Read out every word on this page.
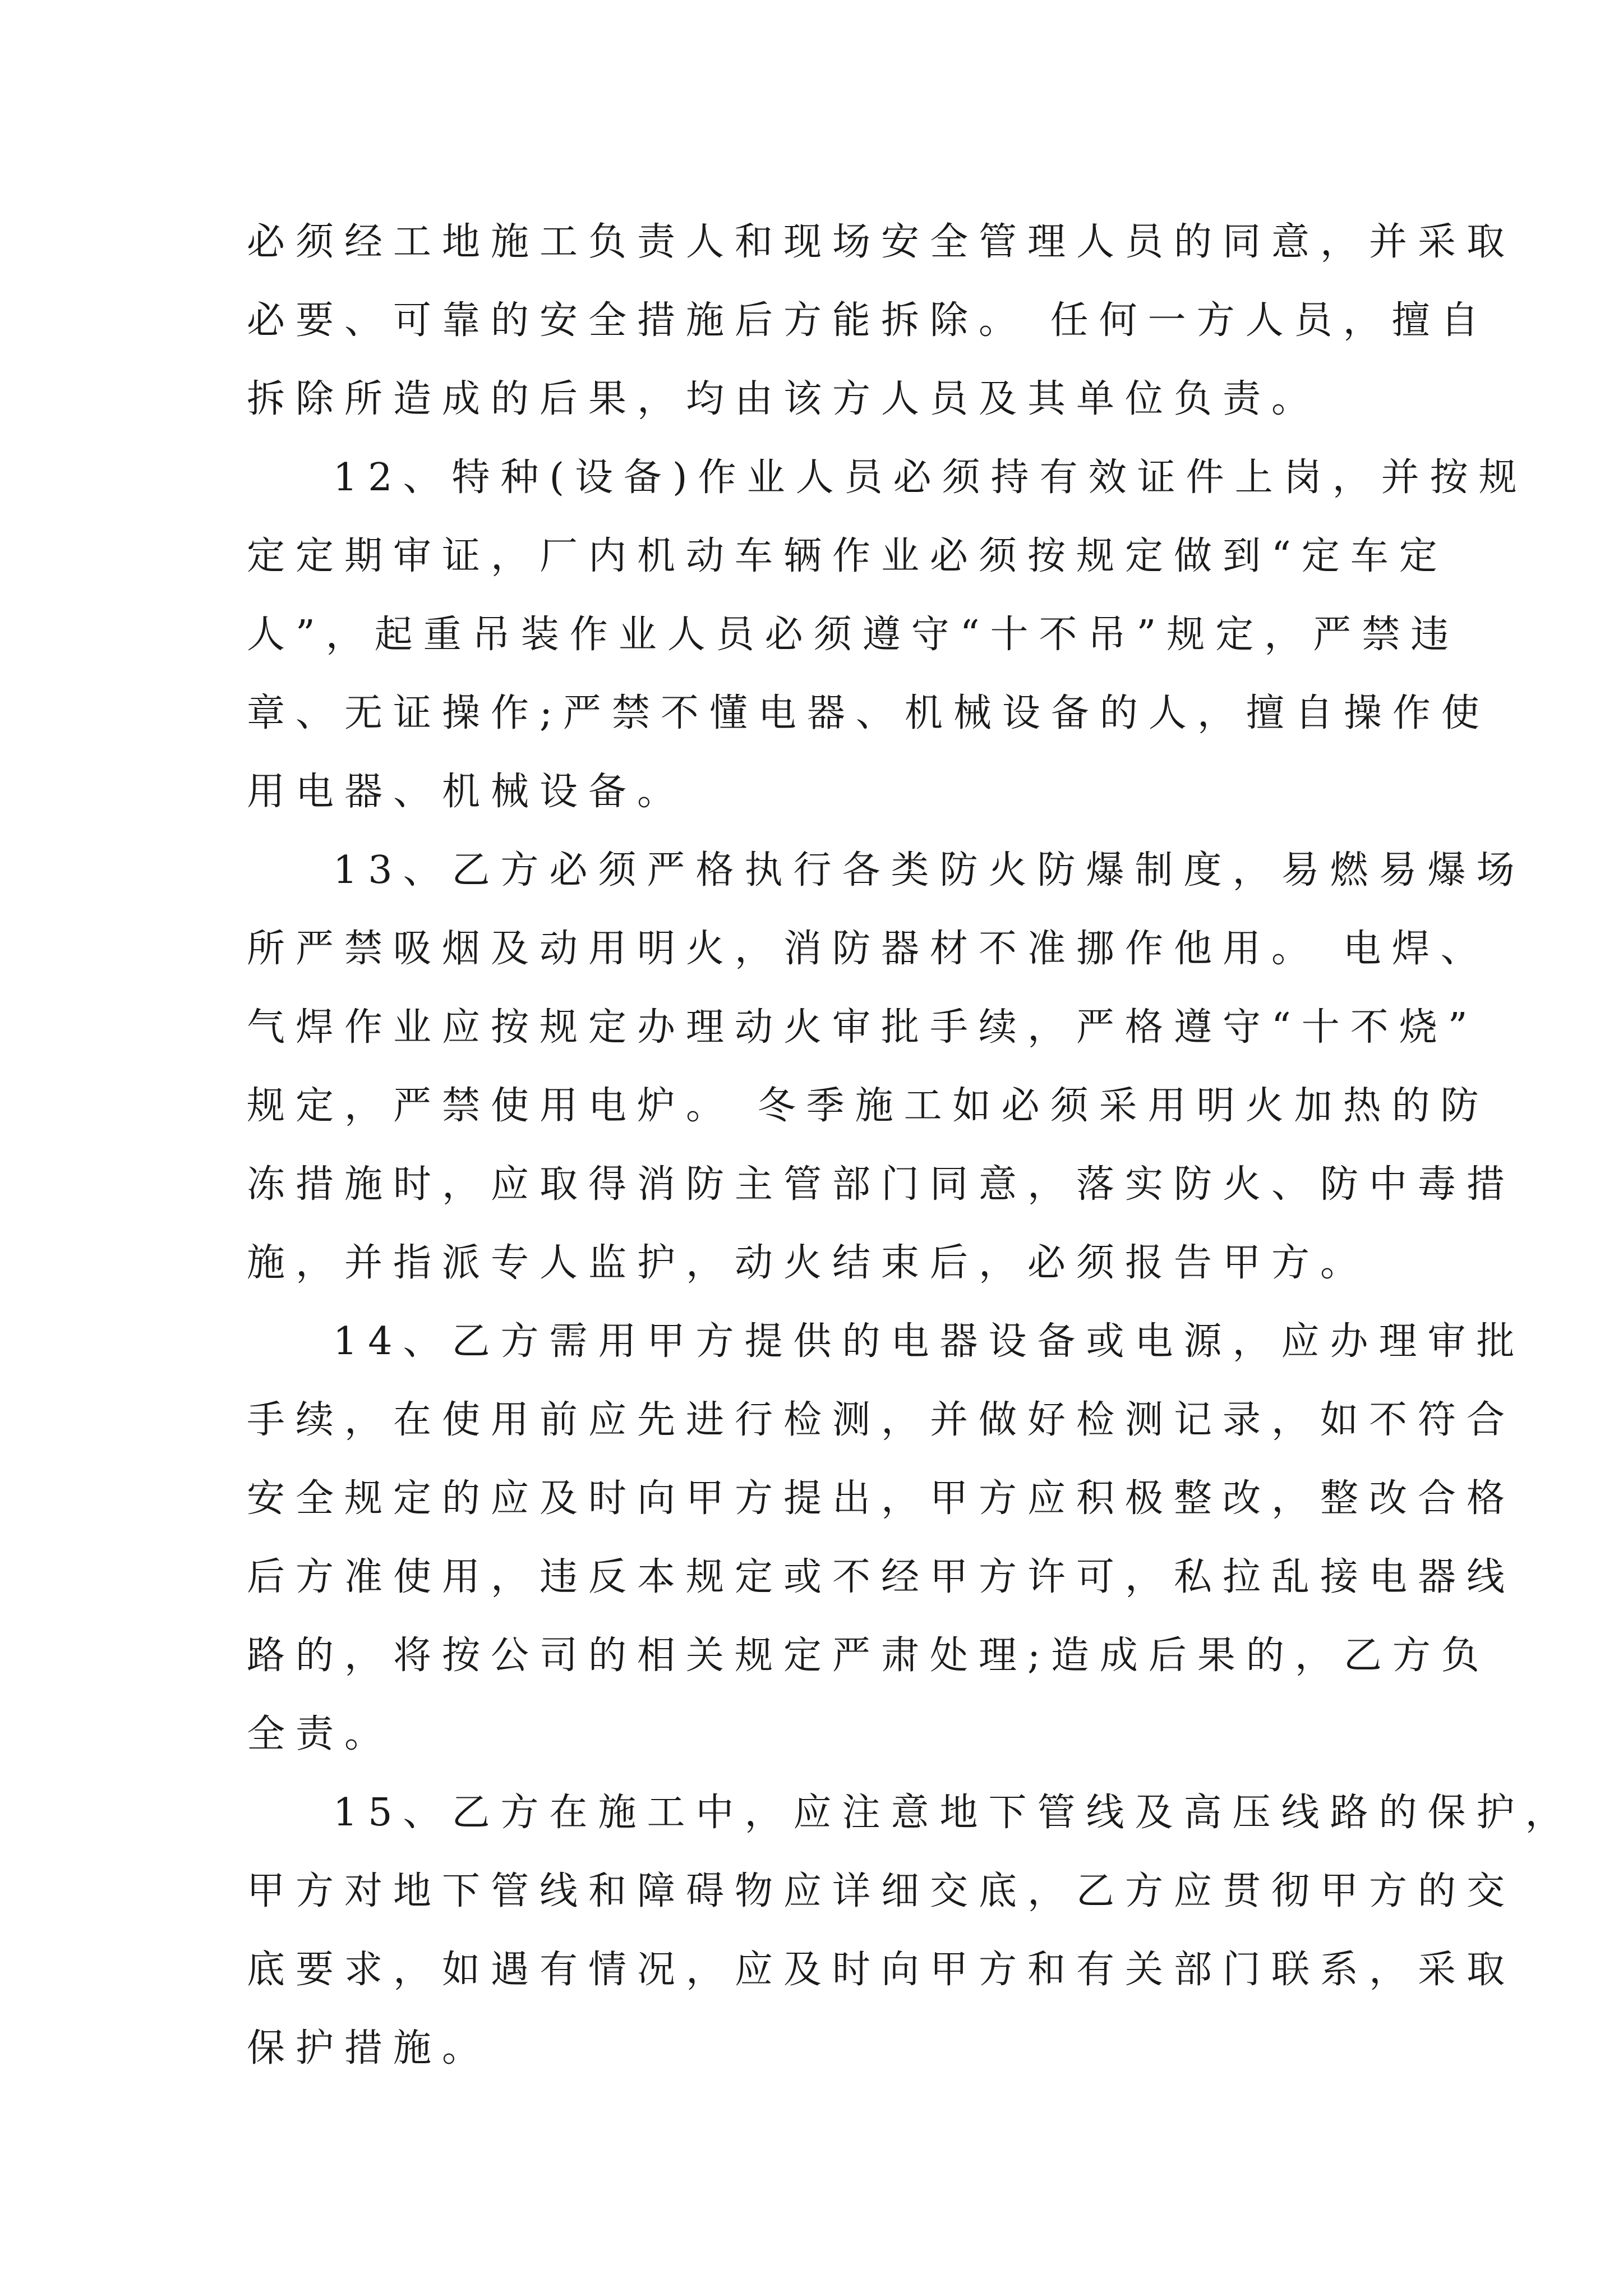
必须经工地施工负责人和现场安全管理人员的同意，并采取
必要、可靠的安全措施后方能拆除。 任何一方人员，擅自
拆除所造成的后果，均由该方人员及其单位负责。
12、特种(设备)作业人员必须持有效证件上岗，并按规
定定期审证，厂内机动车辆作业必须按规定做到“定车定
人”，起重吊装作业人员必须遵守“十不吊”规定，严禁违
章、无证操作;严禁不懂电器、机械设备的人，擅自操作使
用电器、机械设备。
13、乙方必须严格执行各类防火防爆制度，易燃易爆场
所严禁吸烟及动用明火，消防器材不准挪作他用。 电焊、
气焊作业应按规定办理动火审批手续，严格遵守“十不烧”
规定，严禁使用电炉。 冬季施工如必须采用明火加热的防
冻措施时，应取得消防主管部门同意，落实防火、防中毒措
施，并指派专人监护，动火结束后，必须报告甲方。
14、乙方需用甲方提供的电器设备或电源，应办理审批
手续，在使用前应先进行检测，并做好检测记录，如不符合
安全规定的应及时向甲方提出，甲方应积极整改，整改合格
后方准使用，违反本规定或不经甲方许可，私拉乱接电器线
路的，将按公司的相关规定严肃处理;造成后果的，乙方负
全责。
15、乙方在施工中，应注意地下管线及高压线路的保护，
甲方对地下管线和障碍物应详细交底，乙方应贯彻甲方的交
底要求，如遇有情况，应及时向甲方和有关部门联系，采取
保护措施。
